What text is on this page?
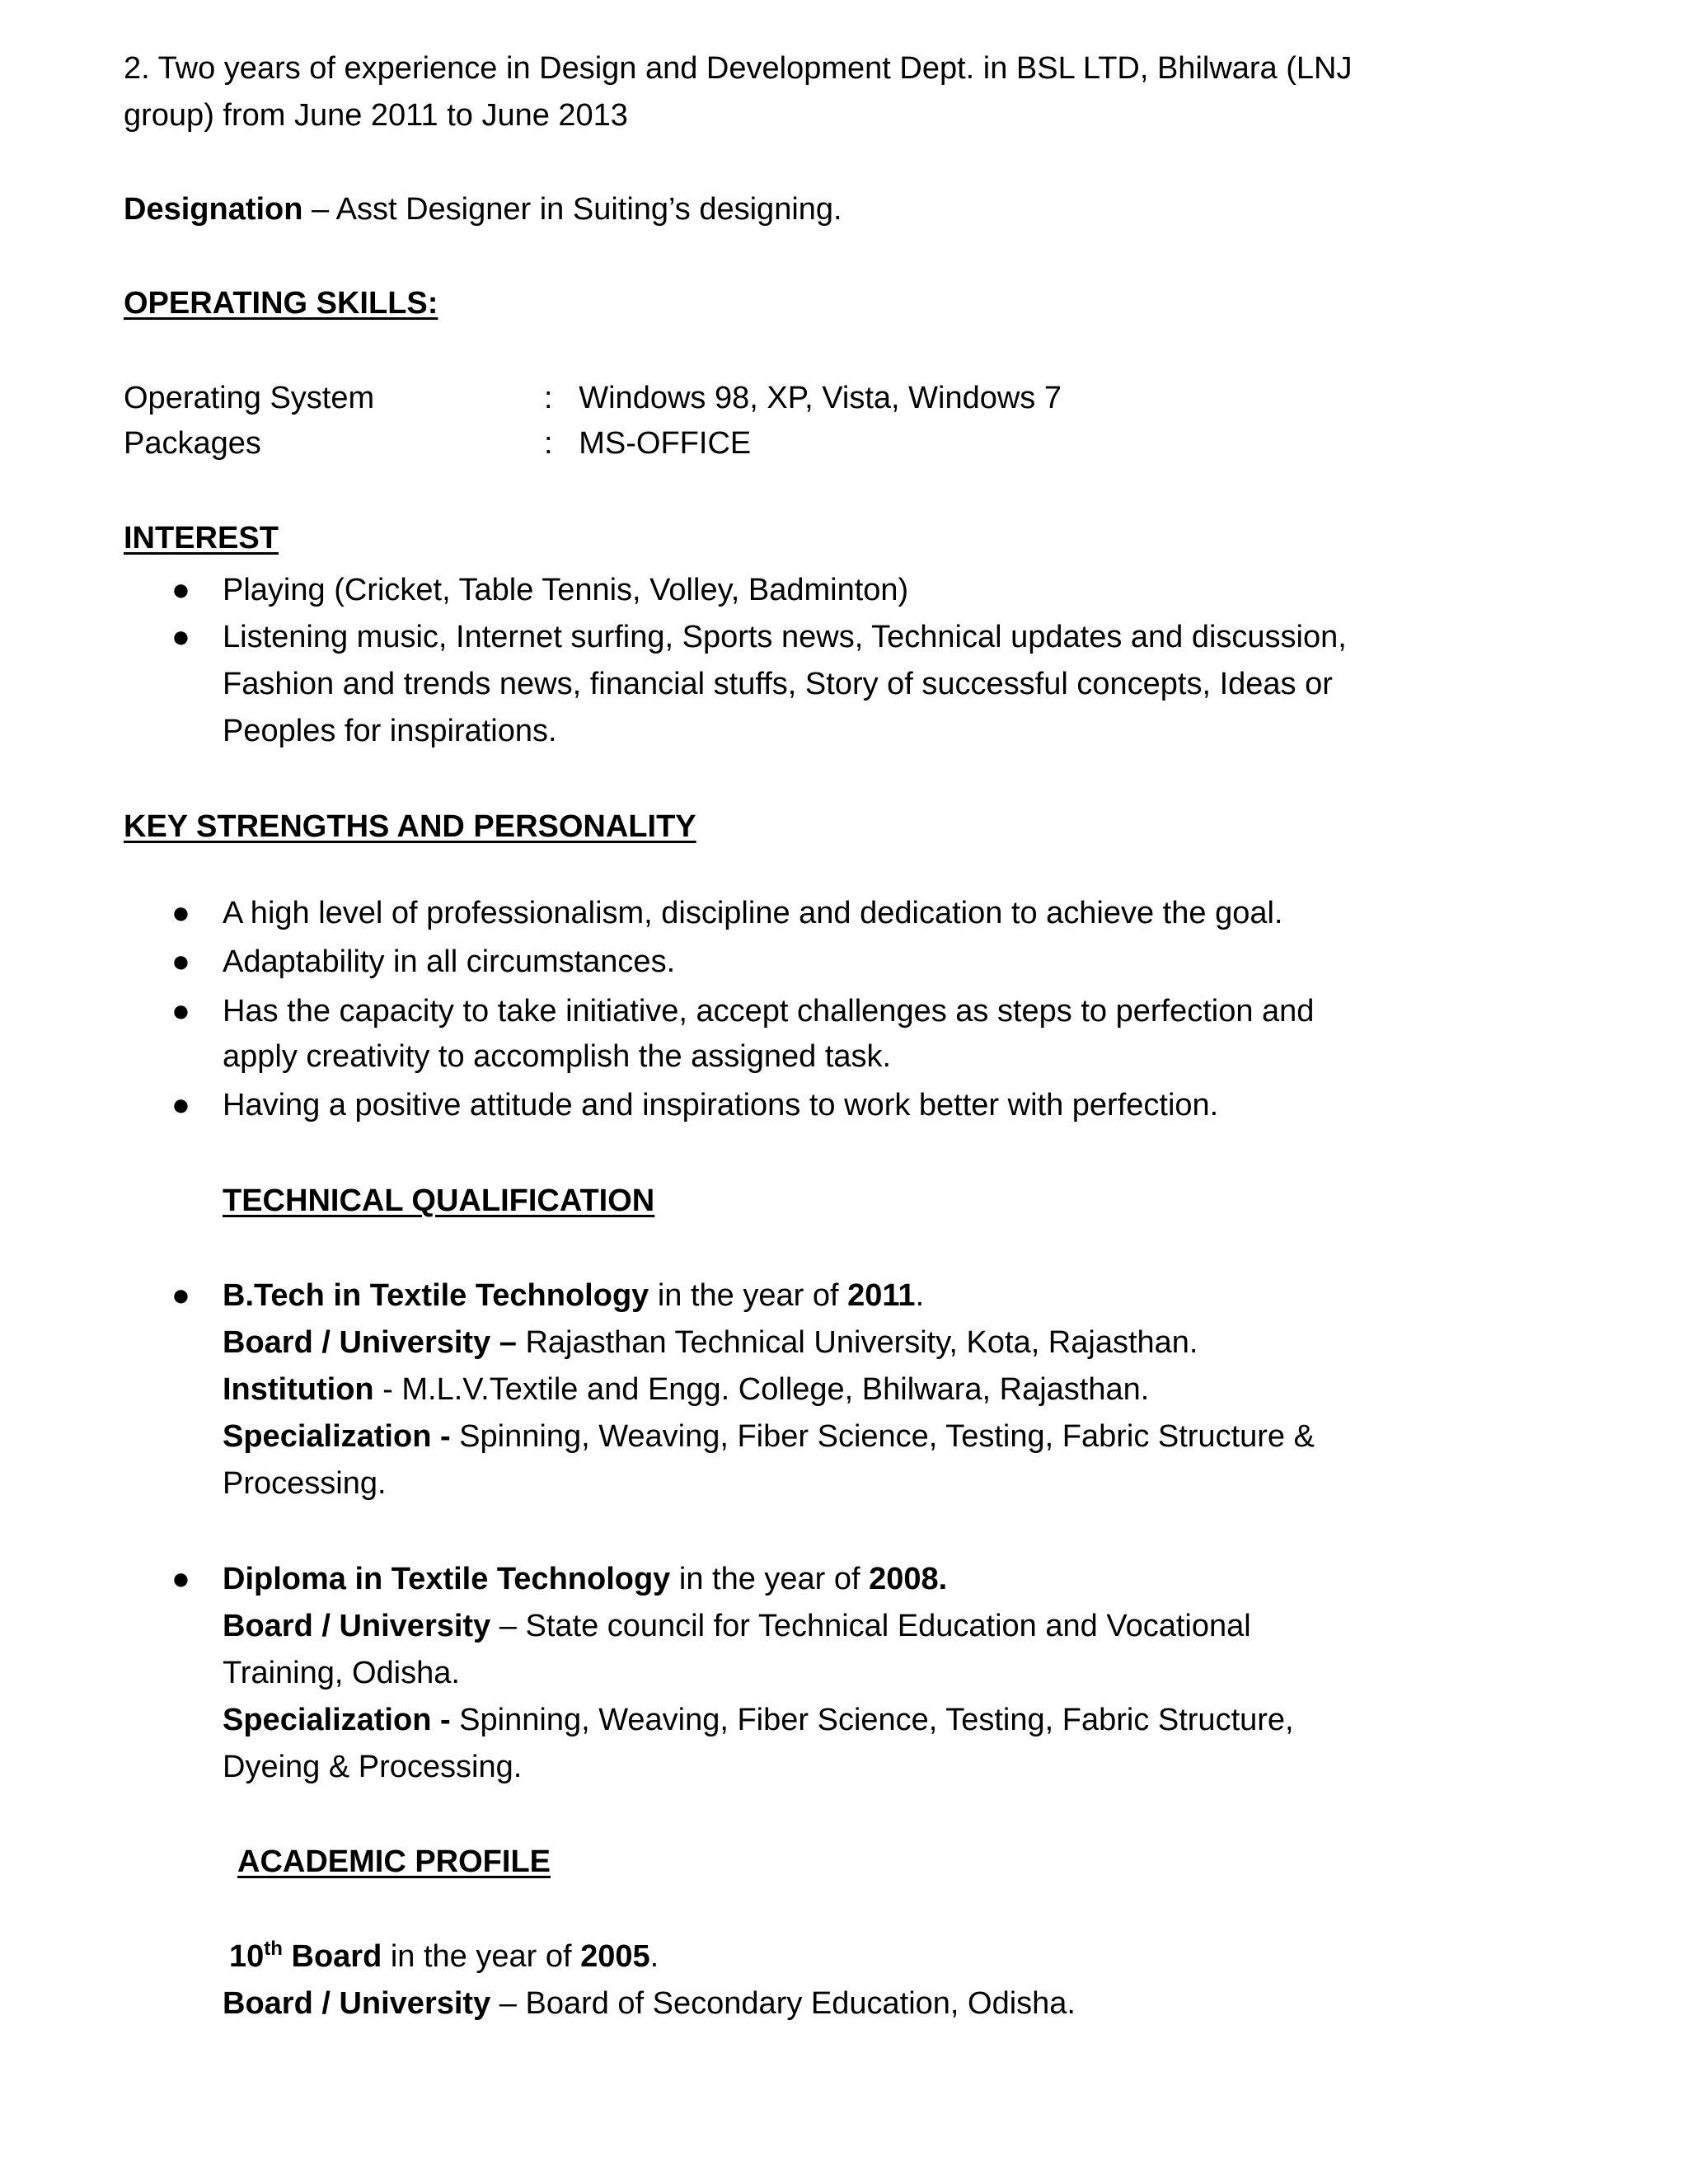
2. Two years of experience in Design and Development Dept. in BSL LTD, Bhilwara (LNJ
group) from June 2011 to June 2013
Designation – Asst Designer in Suiting’s designing.
OPERATING SKILLS:
Operating System	: Windows 98, XP, Vista, Windows 7
Packages	: MS-OFFICE
INTEREST
● Playing (Cricket, Table Tennis, Volley, Badminton)
● Listening music, Internet surfing, Sports news, Technical updates and discussion,
Fashion and trends news, financial stuffs, Story of successful concepts, Ideas or
Peoples for inspirations.
KEY STRENGTHS AND PERSONALITY
● A high level of professionalism, discipline and dedication to achieve the goal.
● Adaptability in all circumstances.
● Has the capacity to take initiative, accept challenges as steps to perfection and
apply creativity to accomplish the assigned task.
● Having a positive attitude and inspirations to work better with perfection.
TECHNICAL QUALIFICATION
● B.Tech in Textile Technology in the year of 2011.
Board / University – Rajasthan Technical University, Kota, Rajasthan.
Institution - M.L.V.Textile and Engg. College, Bhilwara, Rajasthan.
Specialization - Spinning, Weaving, Fiber Science, Testing, Fabric Structure &
Processing.
● Diploma in Textile Technology in the year of 2008.
Board / University – State council for Technical Education and Vocational
Training, Odisha.
Specialization - Spinning, Weaving, Fiber Science, Testing, Fabric Structure,
Dyeing & Processing.
ACADEMIC PROFILE
10th Board in the year of 2005.
Board / University – Board of Secondary Education, Odisha.
